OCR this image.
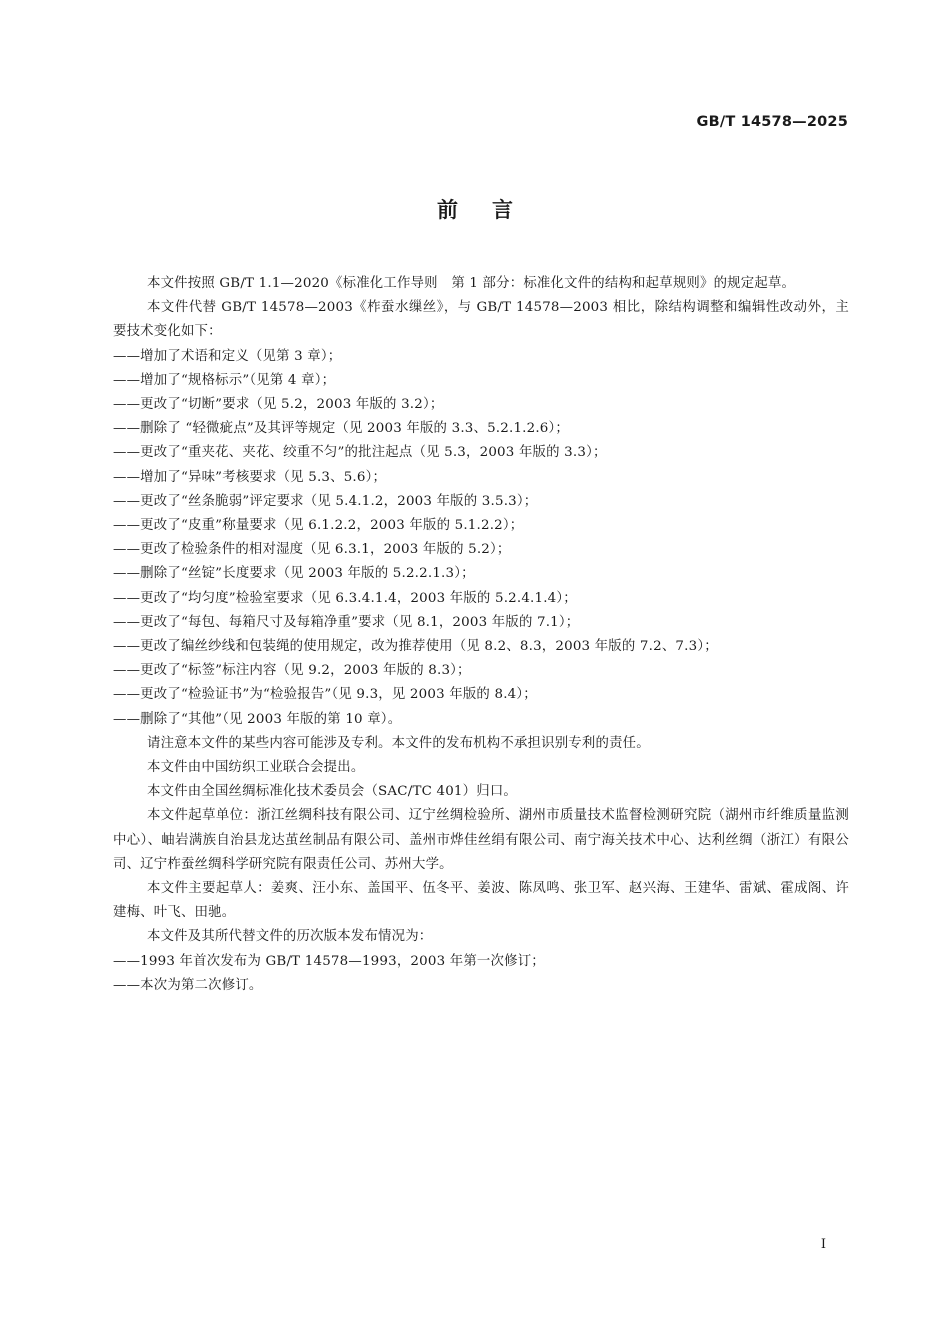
GB/T 14578—2025
前言

本文件按照 GB/T 1.1—2020《标准化工作导则　第 1 部分：标准化文件的结构和起草规则》的规定起草。

本文件代替 GB/T 14578—2003《柞蚕水缫丝》，与 GB/T 14578—2003 相比，除结构调整和编辑性改动外，主要技术变化如下：

——增加了术语和定义（见第 3 章）；

——增加了“规格标示”（见第 4 章）；

——更改了“切断”要求（见 5.2，2003 年版的 3.2）；

——删除了 “轻微疵点”及其评等规定（见 2003 年版的 3.3、5.2.1.2.6）；

——更改了“重夹花、夹花、绞重不匀”的批注起点（见 5.3，2003 年版的 3.3）；

——增加了“异味”考核要求（见 5.3、5.6）；

——更改了“丝条脆弱”评定要求（见 5.4.1.2，2003 年版的 3.5.3）；

——更改了“皮重”称量要求（见 6.1.2.2，2003 年版的 5.1.2.2）；

——更改了检验条件的相对湿度（见 6.3.1，2003 年版的 5.2）；

——删除了“丝锭”长度要求（见 2003 年版的 5.2.2.1.3）；

——更改了“均匀度”检验室要求（见 6.3.4.1.4，2003 年版的 5.2.4.1.4）；

——更改了“每包、每箱尺寸及每箱净重”要求（见 8.1，2003 年版的 7.1）；

——更改了编丝纱线和包装绳的使用规定，改为推荐使用（见 8.2、8.3，2003 年版的 7.2、7.3）；

——更改了“标签”标注内容（见 9.2，2003 年版的 8.3）；

——更改了“检验证书”为“检验报告”（见 9.3，见 2003 年版的 8.4）；

——删除了“其他”（见 2003 年版的第 10 章）。

请注意本文件的某些内容可能涉及专利。本文件的发布机构不承担识别专利的责任。

本文件由中国纺织工业联合会提出。

本文件由全国丝绸标准化技术委员会（SAC/TC 401）归口。

本文件起草单位：浙江丝绸科技有限公司、辽宁丝绸检验所、湖州市质量技术监督检测研究院（湖州市纤维质量监测中心）、岫岩满族自治县龙达茧丝制品有限公司、盖州市烨佳丝绢有限公司、南宁海关技术中心、达利丝绸（浙江）有限公司、辽宁柞蚕丝绸科学研究院有限责任公司、苏州大学。

本文件主要起草人：姜爽、汪小东、盖国平、伍冬平、姜波、陈凤鸣、张卫军、赵兴海、王建华、雷斌、霍成阁、许建梅、叶飞、田驰。

本文件及其所代替文件的历次版本发布情况为：

——1993 年首次发布为 GB/T 14578—1993，2003 年第一次修订；

——本次为第二次修订。

I
